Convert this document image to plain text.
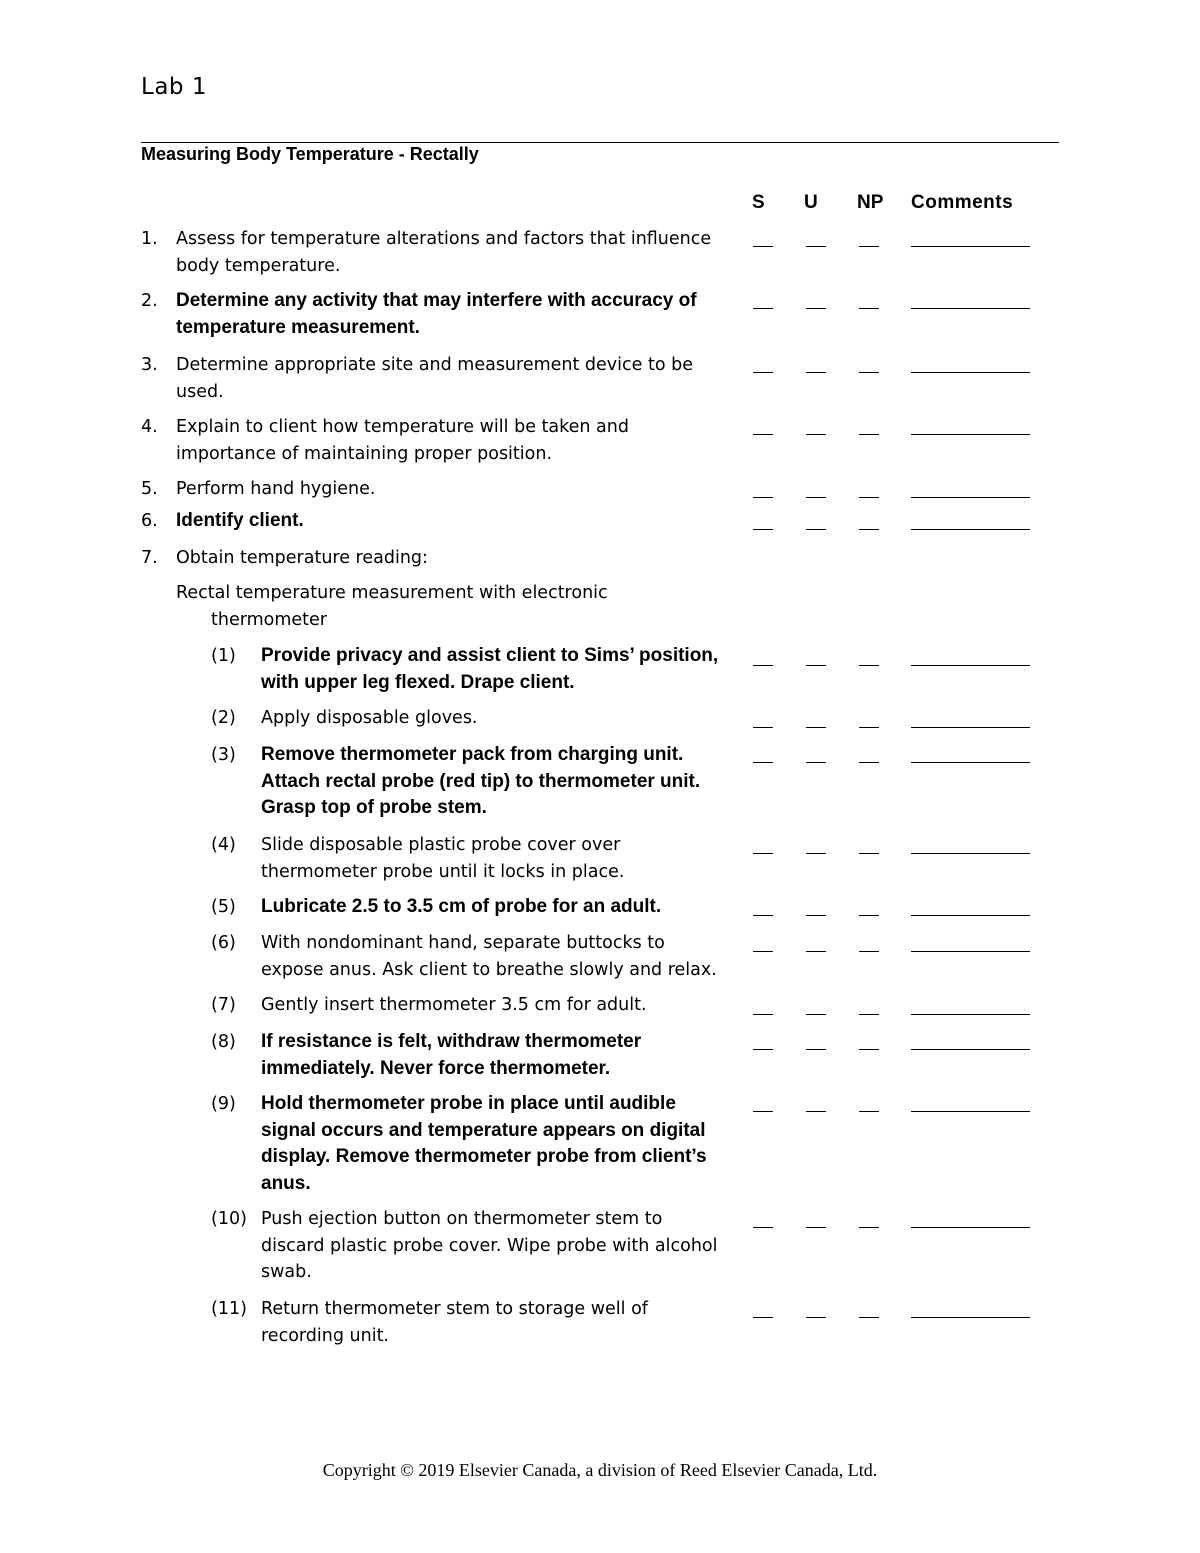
Lab 1
Measuring Body Temperature - Rectally
S U NP Comments
1. Assess for temperature alterations and factors that influence body temperature.
2. Determine any activity that may interfere with accuracy of temperature measurement.
3. Determine appropriate site and measurement device to be used.
4. Explain to client how temperature will be taken and importance of maintaining proper position.
5. Perform hand hygiene.
6. Identify client.
7. Obtain temperature reading:
Rectal temperature measurement with electronic
thermometer
(1) Provide privacy and assist client to Sims’ position, with upper leg flexed. Drape client.
(2) Apply disposable gloves.
(3) Remove thermometer pack from charging unit. Attach rectal probe (red tip) to thermometer unit. Grasp top of probe stem.
(4) Slide disposable plastic probe cover over thermometer probe until it locks in place.
(5) Lubricate 2.5 to 3.5 cm of probe for an adult.
(6) With nondominant hand, separate buttocks to expose anus. Ask client to breathe slowly and relax.
(7) Gently insert thermometer 3.5 cm for adult.
(8) If resistance is felt, withdraw thermometer immediately. Never force thermometer.
(9) Hold thermometer probe in place until audible signal occurs and temperature appears on digital display. Remove thermometer probe from client’s anus.
(10) Push ejection button on thermometer stem to discard plastic probe cover. Wipe probe with alcohol swab.
(11) Return thermometer stem to storage well of recording unit.
Copyright © 2019 Elsevier Canada, a division of Reed Elsevier Canada, Ltd.
